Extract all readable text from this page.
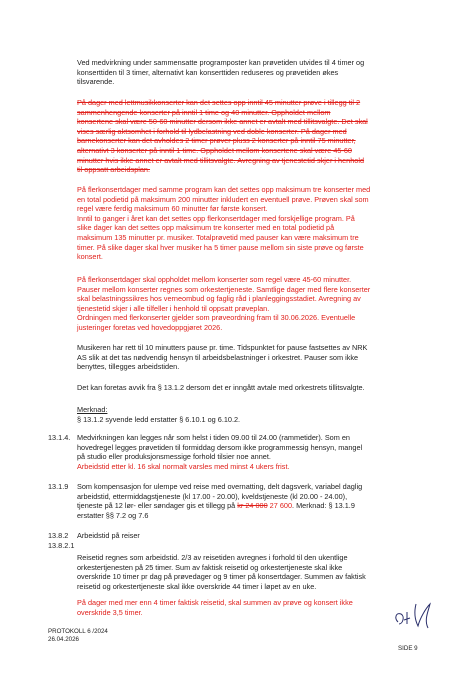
Ved medvirkning under sammensatte programposter kan prøvetiden utvides til 4 timer og
konserttiden til 3 timer, alternativt kan konserttiden reduseres og prøvetiden økes
tilsvarende.
På dager med lettmusikkonserter kan det settes opp inntil 45 minutter prøve i tillegg til 2
sammenhengende konserter på inntil 1 time og 40 minutter. Oppholdet mellom
konsertene skal være 50-60 minutter dersom ikke annet er avtalt med tillitsvalgte. Det skal
vises særlig aktsomhet i forhold til lydbelastning ved doble konserter. På dager med
barnekonserter kan det avholdes 2 timer prøver pluss 2 konserter på inntil 75 minutter,
alternativt 3 konserter på inntil 1 time. Oppholdet mellom konsertene skal være 45-60
minutter hvis ikke annet er avtalt med tillitsvalgte. Avregning av tjenestetid skjer i henhold
til oppsatt arbeidsplan.
På flerkonsertdager med samme program kan det settes opp maksimum tre konserter med
en total podietid på maksimum 200 minutter inkludert en eventuell prøve. Prøven skal som
regel være ferdig maksimum 60 minutter før første konsert.
Inntil to ganger i året kan det settes opp flerkonsertdager med forskjellige program. På
slike dager kan det settes opp maksimum tre konserter med en total podietid på
maksimum 135 minutter pr. musiker. Totalprøvetid med pauser kan være maksimum tre
timer. På slike dager skal hver musiker ha 5 timer pause mellom sin siste prøve og første
konsert.
På flerkonsertdager skal oppholdet mellom konserter som regel være 45-60 minutter.
Pauser mellom konserter regnes som orkestertjeneste. Samtlige dager med flere konserter
skal belastningssikres hos verneombud og faglig råd i planleggingsstadiet. Avregning av
tjenestetid skjer i alle tilfeller i henhold til oppsatt prøveplan.
Ordningen med flerkonserter gjelder som prøveordning fram til 30.06.2026. Eventuelle
justeringer foretas ved hovedoppgjøret 2026.
Musikeren har rett til 10 minutters pause pr. time. Tidspunktet for pause fastsettes av NRK
AS slik at det tas nødvendig hensyn til arbeidsbelastninger i orkestret. Pauser som ikke
benyttes, tillegges arbeidstiden.
Det kan foretas avvik fra § 13.1.2 dersom det er inngått avtale med orkestrets tillitsvalgte.
Merknad:
§ 13.1.2 syvende ledd erstatter § 6.10.1 og 6.10.2.

13.1.4. Medvirkningen kan legges når som helst i tiden 09.00 til 24.00 (rammetider). Som en
hovedregel legges prøvetiden til formiddag dersom ikke programmessig hensyn, mangel
på studio eller produksjonsmessige forhold tilsier noe annet.
Arbeidstid etter kl. 16 skal normalt varsles med minst 4 ukers frist.

13.1.9 Som kompensasjon for ulempe ved reise med overnatting, delt dagsverk, variabel daglig
arbeidstid, ettermiddagstjeneste (kl 17.00 - 20.00), kveldstjeneste (kl 20.00 - 24.00),
tjeneste på 12 lør- eller søndager gis et tillegg på kr 24 000 27 600. Merknad: § 13.1.9
erstatter §§ 7.2 og 7.6

13.8.2 Arbeidstid på reiser

13.8.2.1

Reisetid regnes som arbeidstid. 2/3 av reisetiden avregnes i forhold til den ukentlige
orkestertjenesten på 25 timer. Sum av faktisk reisetid og orkestertjeneste skal ikke
overskride 10 timer pr dag på prøvedager og 9 timer på konsertdager. Summen av faktisk
reisetid og orkestertjeneste skal ikke overskride 44 timer i løpet av en uke.
På dager med mer enn 4 timer faktisk reisetid, skal summen av prøve og konsert ikke
overskride 3,5 timer.
PROTOKOLL 6 /2024
26.04.2026
SIDE 9
